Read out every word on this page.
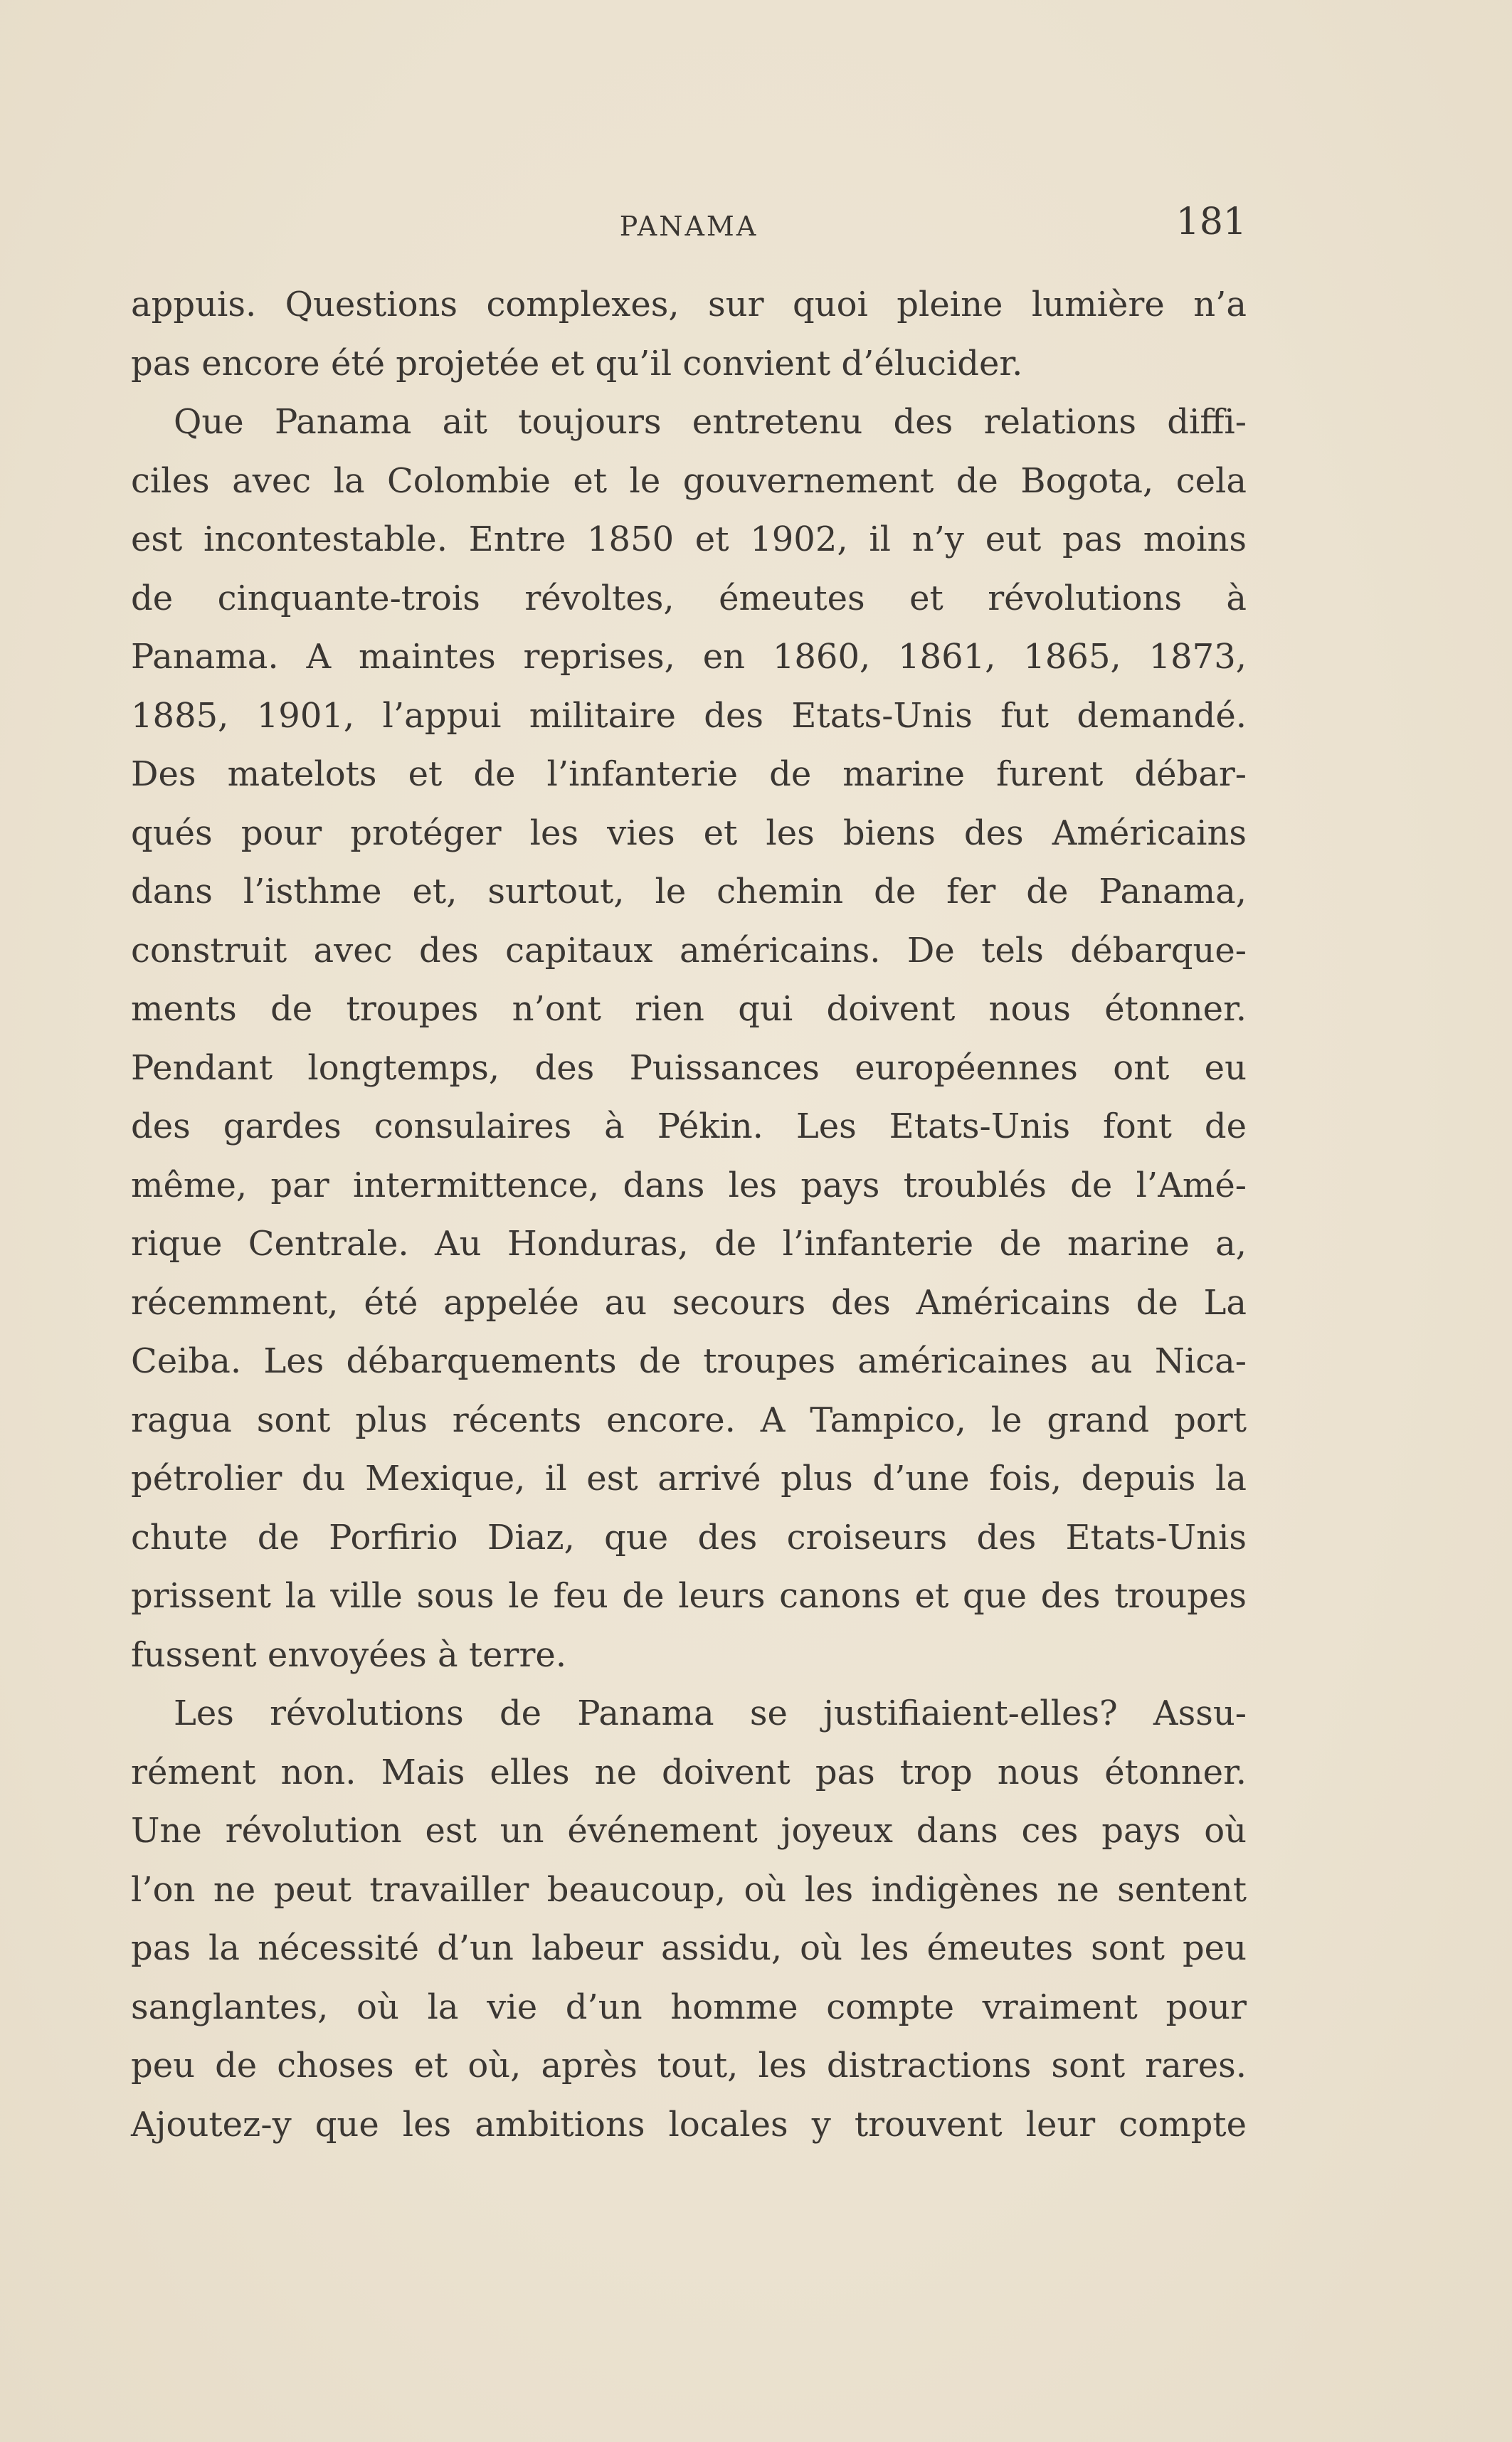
PANAMA	181
appuis. Questions complexes, sur quoi pleine lumière n’a
pas encore été projetée et qu’il convient d’élucider.
Que Panama ait toujours entretenu des relations diffi-
ciles avec la Colombie et le gouvernement de Bogota, cela
est incontestable. Entre 1850 et 1902, il n’y eut pas moins
de cinquante-trois révoltes, émeutes et révolutions à
Panama. A maintes reprises, en 1860, 1861, 1865, 1873,
1885, 1901, l’appui militaire des Etats-Unis fut demandé.
Des matelots et de l’infanterie de marine furent débar-
qués pour protéger les vies et les biens des Américains
dans l’isthme et, surtout, le chemin de fer de Panama,
construit avec des capitaux américains. De tels débarque-
ments de troupes n’ont rien qui doivent nous étonner.
Pendant longtemps, des Puissances européennes ont eu
des gardes consulaires à Pékin. Les Etats-Unis font de
même, par intermittence, dans les pays troublés de l’Amé-
rique Centrale. Au Honduras, de l’infanterie de marine a,
récemment, été appelée au secours des Américains de La
Ceiba. Les débarquements de troupes américaines au Nica-
ragua sont plus récents encore. A Tampico, le grand port
pétrolier du Mexique, il est arrivé plus d’une fois, depuis la
chute de Porfirio Diaz, que des croiseurs des Etats-Unis
prissent la ville sous le feu de leurs canons et que des troupes
fussent envoyées à terre.
Les révolutions de Panama se justifiaient-elles? Assu-
rément non. Mais elles ne doivent pas trop nous étonner.
Une révolution est un événement joyeux dans ces pays où
l’on ne peut travailler beaucoup, où les indigènes ne sentent
pas la nécessité d’un labeur assidu, où les émeutes sont peu
sanglantes, où la vie d’un homme compte vraiment pour
peu de choses et où, après tout, les distractions sont rares.
Ajoutez-y que les ambitions locales y trouvent leur compte
